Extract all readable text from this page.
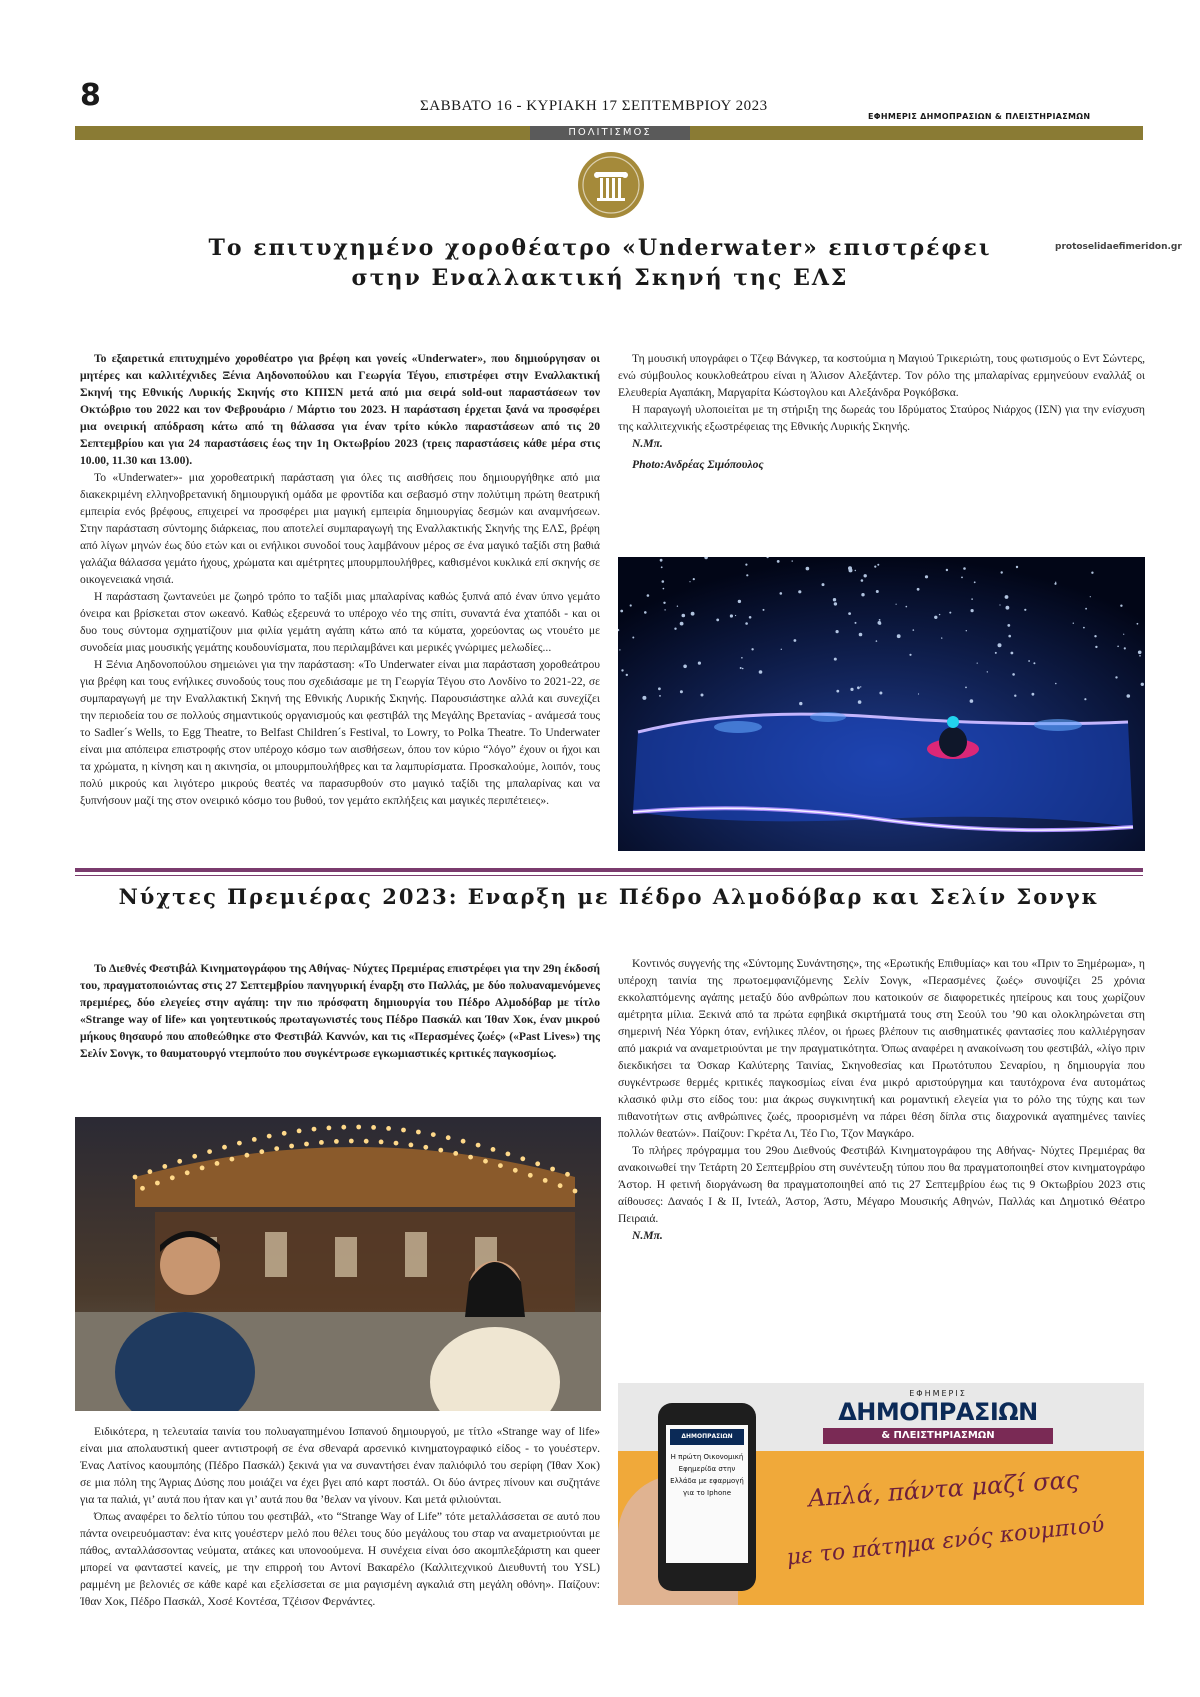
8	ΣΑΒΒΑΤΟ 16 - ΚΥΡΙΑΚΗ 17 ΣΕΠΤΕΜΒΡΙΟΥ 2023
ΕΦΗΜΕΡΙΣ ΔΗΜΟΠΡΑΣΙΩΝ & ΠΛΕΙΣΤΗΡΙΑΣΜΩΝ
ΠΟΛΙΤΙΣΜΟΣ
Το επιτυχημένο χοροθέατρο «Underwater» επιστρέφει
στην Εναλλακτική Σκηνή της ΕΛΣ
protoselidaefimeridon.gr

Το εξαιρετικά επιτυχημένο χοροθέατρο για βρέφη και γονείς «Underwater», που δημιούργησαν οι μητέρες και καλλιτέχνιδες Ξένια Αηδονοπούλου και Γεωργία Τέγου, επιστρέφει στην Εναλλακτική Σκηνή της Εθνικής Λυρικής Σκηνής στο ΚΠΙΣΝ μετά από μια σειρά sold-out παραστάσεων τον Οκτώβριο του 2022 και τον Φεβρουάριο / Μάρτιο του 2023. Η παράσταση έρχεται ξανά να προσφέρει μια ονειρική απόδραση κάτω από τη θάλασσα για έναν τρίτο κύκλο παραστάσεων από τις 20 Σεπτεμβρίου και για 24 παραστάσεις έως την 1η Οκτωβρίου 2023 (τρεις παραστάσεις κάθε μέρα στις 10.00, 11.30 και 13.00).

Το «Underwater»- μια χοροθεατρική παράσταση για όλες τις αισθήσεις που δημιουργήθηκε από μια διακεκριμένη ελληνοβρετανική δημιουργική ομάδα με φροντίδα και σεβασμό στην πολύτιμη πρώτη θεατρική εμπειρία ενός βρέφους, επιχειρεί να προσφέρει μια μαγική εμπειρία δημιουργίας δεσμών και αναμνήσεων. Στην παράσταση σύντομης διάρκειας, που αποτελεί συμπαραγωγή της Εναλλακτικής Σκηνής της ΕΛΣ, βρέφη από λίγων μηνών έως δύο ετών και οι ενήλικοι συνοδοί τους λαμβάνουν μέρος σε ένα μαγικό ταξίδι στη βαθιά γαλάζια θάλασσα γεμάτο ήχους, χρώματα και αμέτρητες μπουρμπουλήθρες, καθισμένοι κυκλικά επί σκηνής σε οικογενειακά νησιά.

Η παράσταση ζωντανεύει με ζωηρό τρόπο το ταξίδι μιας μπαλαρίνας καθώς ξυπνά από έναν ύπνο γεμάτο όνειρα και βρίσκεται στον ωκεανό. Καθώς εξερευνά το υπέροχο νέο της σπίτι, συναντά ένα χταπόδι - και οι δυο τους σύντομα σχηματίζουν μια φιλία γεμάτη αγάπη κάτω από τα κύματα, χορεύοντας ως ντουέτο με συνοδεία μιας μουσικής γεμάτης κουδουνίσματα, που περιλαμβάνει και μερικές γνώριμες μελωδίες...

Η Ξένια Αηδονοπούλου σημειώνει για την παράσταση: «Το Underwater είναι μια παράσταση χοροθεάτρου για βρέφη και τους ενήλικες συνοδούς τους που σχεδιάσαμε με τη Γεωργία Τέγου στο Λονδίνο το 2021-22, σε συμπαραγωγή με την Εναλλακτική Σκηνή της Εθνικής Λυρικής Σκηνής. Παρουσιάστηκε αλλά και συνεχίζει την περιοδεία του σε πολλούς σημαντικούς οργανισμούς και φεστιβάλ της Μεγάλης Βρετανίας - ανάμεσά τους το Sadler´s Wells, το Egg Theatre, το Belfast Children´s Festival, το Lowry, το Polka Theatre. Το Underwater είναι μια απόπειρα επιστροφής στον υπέροχο κόσμο των αισθήσεων, όπου τον κύριο “λόγο” έχουν οι ήχοι και τα χρώματα, η κίνηση και η ακινησία, οι μπουρμπουλήθρες και τα λαμπυρίσματα. Προσκαλούμε, λοιπόν, τους πολύ μικρούς και λιγότερο μικρούς θεατές να παρασυρθούν στο μαγικό ταξίδι της μπαλαρίνας και να ξυπνήσουν μαζί της στον ονειρικό κόσμο του βυθού, τον γεμάτο εκπλήξεις και μαγικές περιπέτειες».

Τη μουσική υπογράφει ο Τζεφ Βάνγκερ, τα κοστούμια η Μαγιού Τρικεριώτη, τους φωτισμούς ο Εντ Σώντερς, ενώ σύμβουλος κουκλοθεάτρου είναι η Άλισον Αλεξάντερ. Τον ρόλο της μπαλαρίνας ερμηνεύουν εναλλάξ οι Ελευθερία Αγαπάκη, Μαργαρίτα Κώστογλου και Αλεξάνδρα Ρογκόβσκα.

Η παραγωγή υλοποιείται με τη στήριξη της δωρεάς του Ιδρύματος Σταύρος Νιάρχος (ΙΣΝ) για την ενίσχυση της καλλιτεχνικής εξωστρέφειας της Εθνικής Λυρικής Σκηνής.

Ν.Μπ.

Photo:Ανδρέας Σιμόπουλος

Νύχτες Πρεμιέρας 2023: Εναρξη με Πέδρο Αλμοδόβαρ και Σελίν Σονγκ

Το Διεθνές Φεστιβάλ Κινηματογράφου της Αθήνας- Νύχτες Πρεμιέρας επιστρέφει για την 29η έκδοσή του, πραγματοποιώντας στις 27 Σεπτεμβρίου πανηγυρική έναρξη στο Παλλάς, με δύο πολυαναμενόμενες πρεμιέρες, δύο ελεγείες στην αγάπη: την πιο πρόσφατη δημιουργία του Πέδρο Αλμοδόβαρ με τίτλο «Strange way of life» και γοητευτικούς πρωταγωνιστές τους Πέδρο Πασκάλ και Ίθαν Χοκ, έναν μικρού μήκους θησαυρό που αποθεώθηκε στο Φεστιβάλ Καννών, και τις «Περασμένες ζωές» («Past Lives») της Σελίν Σονγκ, το θαυματουργό ντεμπούτο που συγκέντρωσε εγκωμιαστικές κριτικές παγκοσμίως.

Ειδικότερα, η τελευταία ταινία του πολυαγαπημένου Ισπανού δημιουργού, με τίτλο «Strange way of life» είναι μια απολαυστική queer αντιστροφή σε ένα σθεναρά αρσενικό κινηματογραφικό είδος - το γουέστερν. Ένας Λατίνος καουμπόης (Πέδρο Πασκάλ) ξεκινά για να συναντήσει έναν παλιόφιλό του σερίφη (Ίθαν Χοκ) σε μια πόλη της Άγριας Δύσης που μοιάζει να έχει βγει από καρτ ποστάλ. Οι δύο άντρες πίνουν και συζητάνε για τα παλιά, γι’ αυτά που ήταν και γι’ αυτά που θα ’θελαν να γίνουν. Και μετά φιλιούνται.

Όπως αναφέρει το δελτίο τύπου του φεστιβάλ, «το “Strange Way of Life” τότε μεταλλάσσεται σε αυτό που πάντα ονειρευόμασταν: ένα κιτς γουέστερν μελό που θέλει τους δύο μεγάλους του σταρ να αναμετριούνται με πάθος, ανταλλάσσοντας νεύματα, ατάκες και υπονοούμενα. Η συνέχεια είναι όσο ακομπλεξάριστη και queer μπορεί να φανταστεί κανείς, με την επιρροή του Αντονί Βακαρέλο (Καλλιτεχνικού Διευθυντή του YSL) ραμμένη με βελονιές σε κάθε καρέ και εξελίσσεται σε μια ραγισμένη αγκαλιά στη μεγάλη οθόνη». Παίζουν: Ίθαν Χοκ, Πέδρο Πασκάλ, Χοσέ Κοντέσα, Τζέισον Φερνάντες.

Κοντινός συγγενής της «Σύντομης Συνάντησης», της «Ερωτικής Επιθυμίας» και του «Πριν το Ξημέρωμα», η υπέροχη ταινία της πρωτοεμφανιζόμενης Σελίν Σονγκ, «Περασμένες ζωές» συνοψίζει 25 χρόνια εκκολαπτόμενης αγάπης μεταξύ δύο ανθρώπων που κατοικούν σε διαφορετικές ηπείρους και τους χωρίζουν αμέτρητα μίλια. Ξεκινά από τα πρώτα εφηβικά σκιρτήματά τους στη Σεούλ του ’90 και ολοκληρώνεται στη σημερινή Νέα Υόρκη όταν, ενήλικες πλέον, οι ήρωες βλέπουν τις αισθηματικές φαντασίες που καλλιέργησαν από μακριά να αναμετριούνται με την πραγματικότητα. Όπως αναφέρει η ανακοίνωση του φεστιβάλ, «λίγο πριν διεκδικήσει τα Όσκαρ Καλύτερης Ταινίας, Σκηνοθεσίας και Πρωτότυπου Σεναρίου, η δημιουργία που συγκέντρωσε θερμές κριτικές παγκοσμίως είναι ένα μικρό αριστούργημα και ταυτόχρονα ένα αυτομάτως κλασικό φιλμ στο είδος του: μια άκρως συγκινητική και ρομαντική ελεγεία για το ρόλο της τύχης και των πιθανοτήτων στις ανθρώπινες ζωές, προορισμένη να πάρει θέση δίπλα στις διαχρονικά αγαπημένες ταινίες πολλών θεατών». Παίζουν: Γκρέτα Λι, Τέο Γιο, Τζον Μαγκάρο.

Το πλήρες πρόγραμμα του 29ου Διεθνούς Φεστιβάλ Κινηματογράφου της Αθήνας- Νύχτες Πρεμιέρας θα ανακοινωθεί την Τετάρτη 20 Σεπτεμβρίου στη συνέντευξη τύπου που θα πραγματοποιηθεί στον κινηματογράφο Άστορ. Η φετινή διοργάνωση θα πραγματοποιηθεί από τις 27 Σεπτεμβρίου έως τις 9 Οκτωβρίου 2023 στις αίθουσες: Δαναός Ι & ΙΙ, Ιντεάλ, Άστορ, Άστυ, Μέγαρο Μουσικής Αθηνών, Παλλάς και Δημοτικό Θέατρο Πειραιά.

Ν.Μπ.

ΕΦΗΜΕΡΙΣ
ΔΗΜΟΠΡΑΣΙΩΝ
& ΠΛΕΙΣΤΗΡΙΑΣΜΩΝ
ΔΗΜΟΠΡΑΣΙΩΝ
Η πρώτη Οικονομική Εφημερίδα στην Ελλάδα με εφαρμογή για το Iphone	Απλά, πάντα μαζί σας
με το πάτημα ενός κουμπιού
